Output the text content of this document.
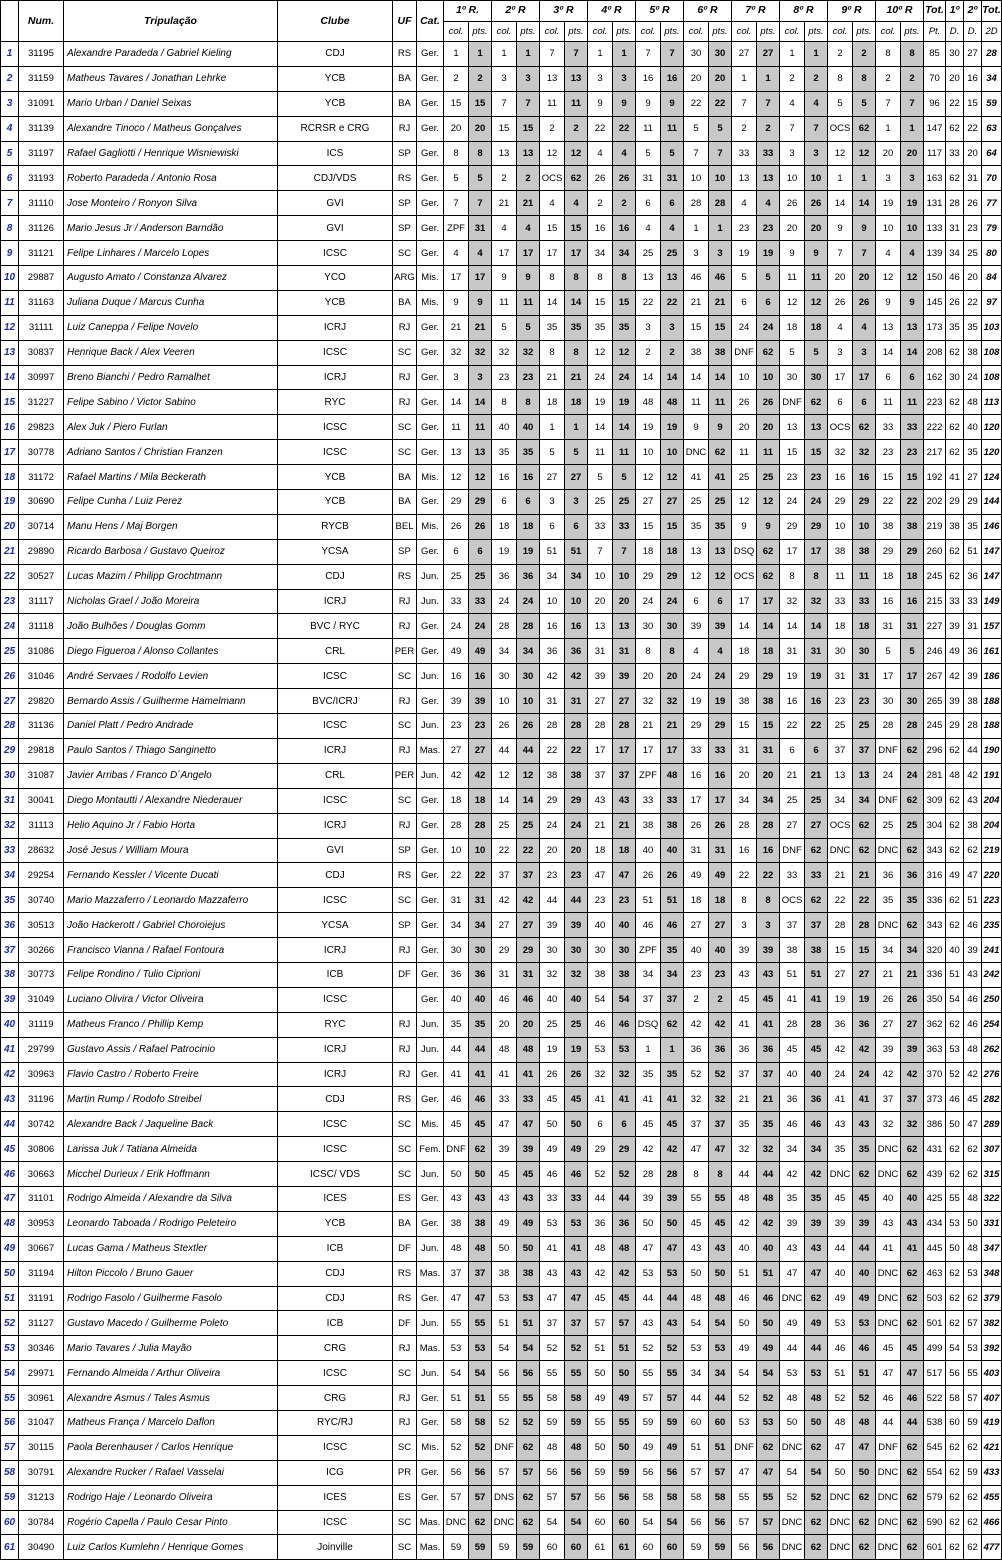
	Num.	Tripulação	Clube	UF	Cat.	1º R.		2º R		3º R		4º R		5º R		6º R		7º R		8º R		9º R		10º R		Tot.	1º	2º	Tot.
						col.	pts.	col.	pts.	col.	pts.	col.	pts.	col.	pts.	col.	pts.	col.	pts.	col.	pts.	col.	pts.	col.	pts.	Pt.	D.	D.	2D
1	31195	Alexandre Paradeda / Gabriel Kieling	CDJ	RS	Ger.	1	1	1	1	7	7	1	1	7	7	30	30	27	27	1	1	2	2	8	8	85	30	27	28
2	31159	Matheus Tavares / Jonathan Lehrke	YCB	BA	Ger.	2	2	3	3	13	13	3	3	16	16	20	20	1	1	2	2	8	8	2	2	70	20	16	34
3	31091	Mario Urban / Daniel Seixas	YCB	BA	Ger.	15	15	7	7	11	11	9	9	9	9	22	22	7	7	4	4	5	5	7	7	96	22	15	59
4	31139	Alexandre Tinoco / Matheus Gonçalves	RCRSR e CRG	RJ	Ger.	20	20	15	15	2	2	22	22	11	11	5	5	2	2	7	7	OCS	62	1	1	147	62	22	63
5	31197	Rafael Gagliotti / Henrique Wisniewiski	ICS	SP	Ger.	8	8	13	13	12	12	4	4	5	5	7	7	33	33	3	3	12	12	20	20	117	33	20	64
6	31193	Roberto Paradeda / Antonio Rosa	CDJ/VDS	RS	Ger.	5	5	2	2	OCS	62	26	26	31	31	10	10	13	13	10	10	1	1	3	3	163	62	31	70
7	31110	Jose Monteiro / Ronyon Silva	GVI	SP	Ger.	7	7	21	21	4	4	2	2	6	6	28	28	4	4	26	26	14	14	19	19	131	28	26	77
8	31126	Mario Jesus Jr / Anderson Barndão	GVI	SP	Ger.	ZPF	31	4	4	15	15	16	16	4	4	1	1	23	23	20	20	9	9	10	10	133	31	23	79
9	31121	Felipe Linhares / Marcelo Lopes	ICSC	SC	Ger.	4	4	17	17	17	17	34	34	25	25	3	3	19	19	9	9	7	7	4	4	139	34	25	80
10	29887	Augusto Amato / Constanza Alvarez	YCO	ARG	Mis.	17	17	9	9	8	8	8	8	13	13	46	46	5	5	11	11	20	20	12	12	150	46	20	84
11	31163	Juliana Duque / Marcus Cunha	YCB	BA	Mis.	9	9	11	11	14	14	15	15	22	22	21	21	6	6	12	12	26	26	9	9	145	26	22	97
12	31111	Luiz Caneppa / Felipe Novelo	ICRJ	RJ	Ger.	21	21	5	5	35	35	35	35	3	3	15	15	24	24	18	18	4	4	13	13	173	35	35	103
13	30837	Henrique Back / Alex Veeren	ICSC	SC	Ger.	32	32	32	32	8	8	12	12	2	2	38	38	DNF	62	5	5	3	3	14	14	208	62	38	108
14	30997	Breno Bianchi / Pedro Ramalhet	ICRJ	RJ	Ger.	3	3	23	23	21	21	24	24	14	14	14	14	10	10	30	30	17	17	6	6	162	30	24	108
15	31227	Felipe Sabino / Victor Sabino	RYC	RJ	Ger.	14	14	8	8	18	18	19	19	48	48	11	11	26	26	DNF	62	6	6	11	11	223	62	48	113
16	29823	Alex Juk / Piero Furlan	ICSC	SC	Ger.	11	11	40	40	1	1	14	14	19	19	9	9	20	20	13	13	OCS	62	33	33	222	62	40	120
17	30778	Adriano Santos / Christian Franzen	ICSC	SC	Ger.	13	13	35	35	5	5	11	11	10	10	DNC	62	11	11	15	15	32	32	23	23	217	62	35	120
18	31172	Rafael Martins / Mila Beckerath	YCB	BA	Mis.	12	12	16	16	27	27	5	5	12	12	41	41	25	25	23	23	16	16	15	15	192	41	27	124
19	30690	Felipe Cunha / Luiz Perez	YCB	BA	Ger.	29	29	6	6	3	3	25	25	27	27	25	25	12	12	24	24	29	29	22	22	202	29	29	144
20	30714	Manu Hens / Maj Borgen	RYCB	BEL	Mis.	26	26	18	18	6	6	33	33	15	15	35	35	9	9	29	29	10	10	38	38	219	38	35	146
21	29890	Ricardo Barbosa / Gustavo Queiroz	YCSA	SP	Ger.	6	6	19	19	51	51	7	7	18	18	13	13	DSQ	62	17	17	38	38	29	29	260	62	51	147
22	30527	Lucas Mazim / Philipp Grochtmann	CDJ	RS	Jun.	25	25	36	36	34	34	10	10	29	29	12	12	OCS	62	8	8	11	11	18	18	245	62	36	147
23	31117	Nicholas Grael / João Moreira	ICRJ	RJ	Jun.	33	33	24	24	10	10	20	20	24	24	6	6	17	17	32	32	33	33	16	16	215	33	33	149
24	31118	João Bulhões / Douglas Gomm	BVC / RYC	RJ	Ger.	24	24	28	28	16	16	13	13	30	30	39	39	14	14	14	14	18	18	31	31	227	39	31	157
25	31086	Diego Figueroa / Alonso Collantes	CRL	PER	Ger.	49	49	34	34	36	36	31	31	8	8	4	4	18	18	31	31	30	30	5	5	246	49	36	161
26	31046	André Servaes / Rodolfo Levien	ICSC	SC	Jun.	16	16	30	30	42	42	39	39	20	20	24	24	29	29	19	19	31	31	17	17	267	42	39	186
27	29820	Bernardo Assis / Guilherme Hamelmann	BVC/ICRJ	RJ	Ger.	39	39	10	10	31	31	27	27	32	32	19	19	38	38	16	16	23	23	30	30	265	39	38	188
28	31136	Daniel Platt / Pedro Andrade	ICSC	SC	Jun.	23	23	26	26	28	28	28	28	21	21	29	29	15	15	22	22	25	25	28	28	245	29	28	188
29	29818	Paulo Santos / Thiago Sanginetto	ICRJ	RJ	Mas.	27	27	44	44	22	22	17	17	17	17	33	33	31	31	6	6	37	37	DNF	62	296	62	44	190
30	31087	Javier Arribas / Franco D´Angelo	CRL	PER	Jun.	42	42	12	12	38	38	37	37	ZPF	48	16	16	20	20	21	21	13	13	24	24	281	48	42	191
31	30041	Diego Montautti / Alexandre Niederauer	ICSC	SC	Ger.	18	18	14	14	29	29	43	43	33	33	17	17	34	34	25	25	34	34	DNF	62	309	62	43	204
32	31113	Helio Aquino Jr / Fabio Horta	ICRJ	RJ	Ger.	28	28	25	25	24	24	21	21	38	38	26	26	28	28	27	27	OCS	62	25	25	304	62	38	204
33	28632	José Jesus / William Moura	GVI	SP	Ger.	10	10	22	22	20	20	18	18	40	40	31	31	16	16	DNF	62	DNC	62	DNC	62	343	62	62	219
34	29254	Fernando Kessler / Vicente Ducati	CDJ	RS	Ger.	22	22	37	37	23	23	47	47	26	26	49	49	22	22	33	33	21	21	36	36	316	49	47	220
35	30740	Mario Mazzaferro / Leonardo Mazzaferro	ICSC	SC	Ger.	31	31	42	42	44	44	23	23	51	51	18	18	8	8	OCS	62	22	22	35	35	336	62	51	223
36	30513	João Hackerott / Gabriel Choroiejus	YCSA	SP	Ger.	34	34	27	27	39	39	40	40	46	46	27	27	3	3	37	37	28	28	DNC	62	343	62	46	235
37	30266	Francisco Vianna / Rafael Fontoura	ICRJ	RJ	Ger.	30	30	29	29	30	30	30	30	ZPF	35	40	40	39	39	38	38	15	15	34	34	320	40	39	241
38	30773	Felipe Rondino / Tulio Ciprioni	ICB	DF	Ger.	36	36	31	31	32	32	38	38	34	34	23	23	43	43	51	51	27	27	21	21	336	51	43	242
39	31049	Luciano Olivira / Victor Oliveira	ICSC		Ger.	40	40	46	46	40	40	54	54	37	37	2	2	45	45	41	41	19	19	26	26	350	54	46	250
40	31119	Matheus Franco / Phillip Kemp	RYC	RJ	Jun.	35	35	20	20	25	25	46	46	DSQ	62	42	42	41	41	28	28	36	36	27	27	362	62	46	254
41	29799	Gustavo Assis / Rafael Patrocinio	ICRJ	RJ	Jun.	44	44	48	48	19	19	53	53	1	1	36	36	36	36	45	45	42	42	39	39	363	53	48	262
42	30963	Flavio Castro / Roberto Freire	ICRJ	RJ	Ger.	41	41	41	41	26	26	32	32	35	35	52	52	37	37	40	40	24	24	42	42	370	52	42	276
43	31196	Martin Rump / Rodofo Streibel	CDJ	RS	Ger.	46	46	33	33	45	45	41	41	41	41	32	32	21	21	36	36	41	41	37	37	373	46	45	282
44	30742	Alexandre Back / Jaqueline Back	ICSC	SC	Mis.	45	45	47	47	50	50	6	6	45	45	37	37	35	35	46	46	43	43	32	32	386	50	47	289
45	30806	Larissa Juk / Tatiana Almeida	ICSC	SC	Fem.	DNF	62	39	39	49	49	29	29	42	42	47	47	32	32	34	34	35	35	DNC	62	431	62	62	307
46	30663	Micchel Durieux / Erik Hoffmann	ICSC/ VDS	SC	Jun.	50	50	45	45	46	46	52	52	28	28	8	8	44	44	42	42	DNC	62	DNC	62	439	62	62	315
47	31101	Rodrigo Almeida / Alexandre da Silva	ICES	ES	Ger.	43	43	43	43	33	33	44	44	39	39	55	55	48	48	35	35	45	45	40	40	425	55	48	322
48	30953	Leonardo Taboada / Rodrigo Peleteiro	YCB	BA	Ger.	38	38	49	49	53	53	36	36	50	50	45	45	42	42	39	39	39	39	43	43	434	53	50	331
49	30667	Lucas Gama / Matheus Stextler	ICB	DF	Jun.	48	48	50	50	41	41	48	48	47	47	43	43	40	40	43	43	44	44	41	41	445	50	48	347
50	31194	Hilton Piccolo / Bruno Gauer	CDJ	RS	Mas.	37	37	38	38	43	43	42	42	53	53	50	50	51	51	47	47	40	40	DNC	62	463	62	53	348
51	31191	Rodrigo Fasolo / Guilherme Fasolo	CDJ	RS	Ger.	47	47	53	53	47	47	45	45	44	44	48	48	46	46	DNC	62	49	49	DNC	62	503	62	62	379
52	31127	Gustavo Macedo / Guilherme Poleto	ICB	DF	Jun.	55	55	51	51	37	37	57	57	43	43	54	54	50	50	49	49	53	53	DNC	62	501	62	57	382
53	30346	Mario Tavares / Julia Mayão	CRG	RJ	Mas.	53	53	54	54	52	52	51	51	52	52	53	53	49	49	44	44	46	46	45	45	499	54	53	392
54	29971	Fernando Almeida / Arthur Oliveira	ICSC	SC	Jun.	54	54	56	56	55	55	50	50	55	55	34	34	54	54	53	53	51	51	47	47	517	56	55	403
55	30961	Alexandre Asmus / Tales Asmus	CRG	RJ	Ger.	51	51	55	55	58	58	49	49	57	57	44	44	52	52	48	48	52	52	46	46	522	58	57	407
56	31047	Matheus França / Marcelo Daflon	RYC/RJ	RJ	Ger.	58	58	52	52	59	59	55	55	59	59	60	60	53	53	50	50	48	48	44	44	538	60	59	419
57	30115	Paola Berenhauser / Carlos Henrique	ICSC	SC	Mis.	52	52	DNF	62	48	48	50	50	49	49	51	51	DNF	62	DNC	62	47	47	DNF	62	545	62	62	421
58	30791	Alexandre Rucker / Rafael Vasselai	ICG	PR	Ger.	56	56	57	57	56	56	59	59	56	56	57	57	47	47	54	54	50	50	DNC	62	554	62	59	433
59	31213	Rodrigo Haje / Leonardo Oliveira	ICES	ES	Ger.	57	57	DNS	62	57	57	56	56	58	58	58	58	55	55	52	52	DNC	62	DNC	62	579	62	62	455
60	30784	Rogério Capella / Paulo Cesar Pinto	ICSC	SC	Mas.	DNC	62	DNC	62	54	54	60	60	54	54	56	56	57	57	DNC	62	DNC	62	DNC	62	590	62	62	466
61	30490	Luiz Carlos Kumlehn / Henrique Gomes	Joinville	SC	Mas.	59	59	59	59	60	60	61	61	60	60	59	59	56	56	DNC	62	DNC	62	DNC	62	601	62	62	477
